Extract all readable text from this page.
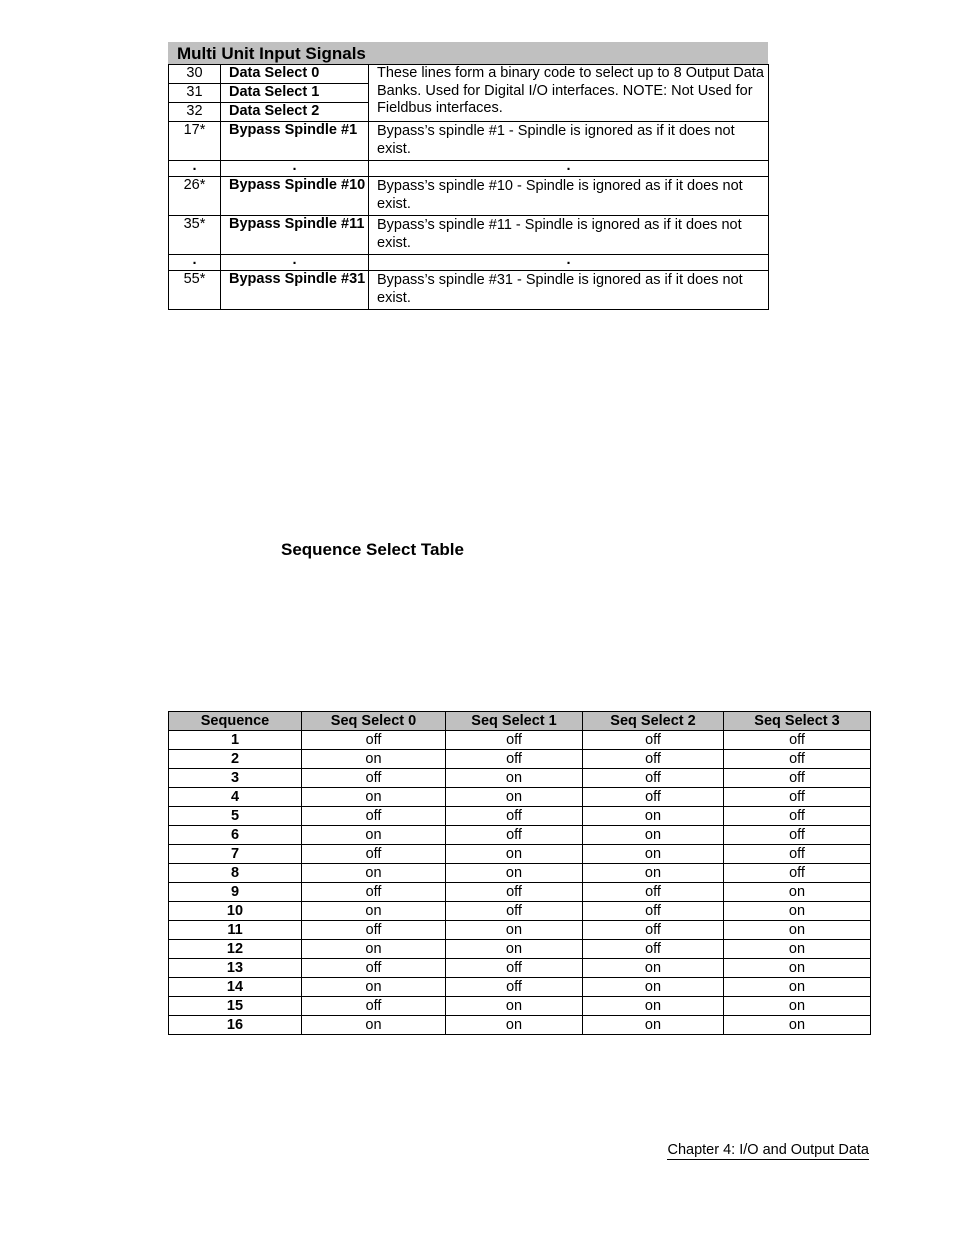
Multi Unit Input Signals
30	Data Select 0	These lines form a binary code to select up to 8 Output Data Banks. Used for Digital I/O interfaces. NOTE: Not Used for Fieldbus interfaces.
31	Data Select 1	
32	Data Select 2	
17*	Bypass Spindle #1	Bypass’s spindle #1 - Spindle is ignored as if it does not exist.
.	.	.
26*	Bypass Spindle #10	Bypass’s spindle #10 - Spindle is ignored as if it does not exist.
35*	Bypass Spindle #11	Bypass’s spindle #11 - Spindle is ignored as if it does not exist.
.	.	.
55*	Bypass Spindle #31	Bypass’s spindle #31 - Spindle is ignored as if it does not exist.
Sequence Select Table
Sequence	Seq Select 0	Seq Select 1	Seq Select 2	Seq Select 3
1	off	off	off	off
2	on	off	off	off
3	off	on	off	off
4	on	on	off	off
5	off	off	on	off
6	on	off	on	off
7	off	on	on	off
8	on	on	on	off
9	off	off	off	on
10	on	off	off	on
11	off	on	off	on
12	on	on	off	on
13	off	off	on	on
14	on	off	on	on
15	off	on	on	on
16	on	on	on	on
Chapter 4: I/O and Output Data
